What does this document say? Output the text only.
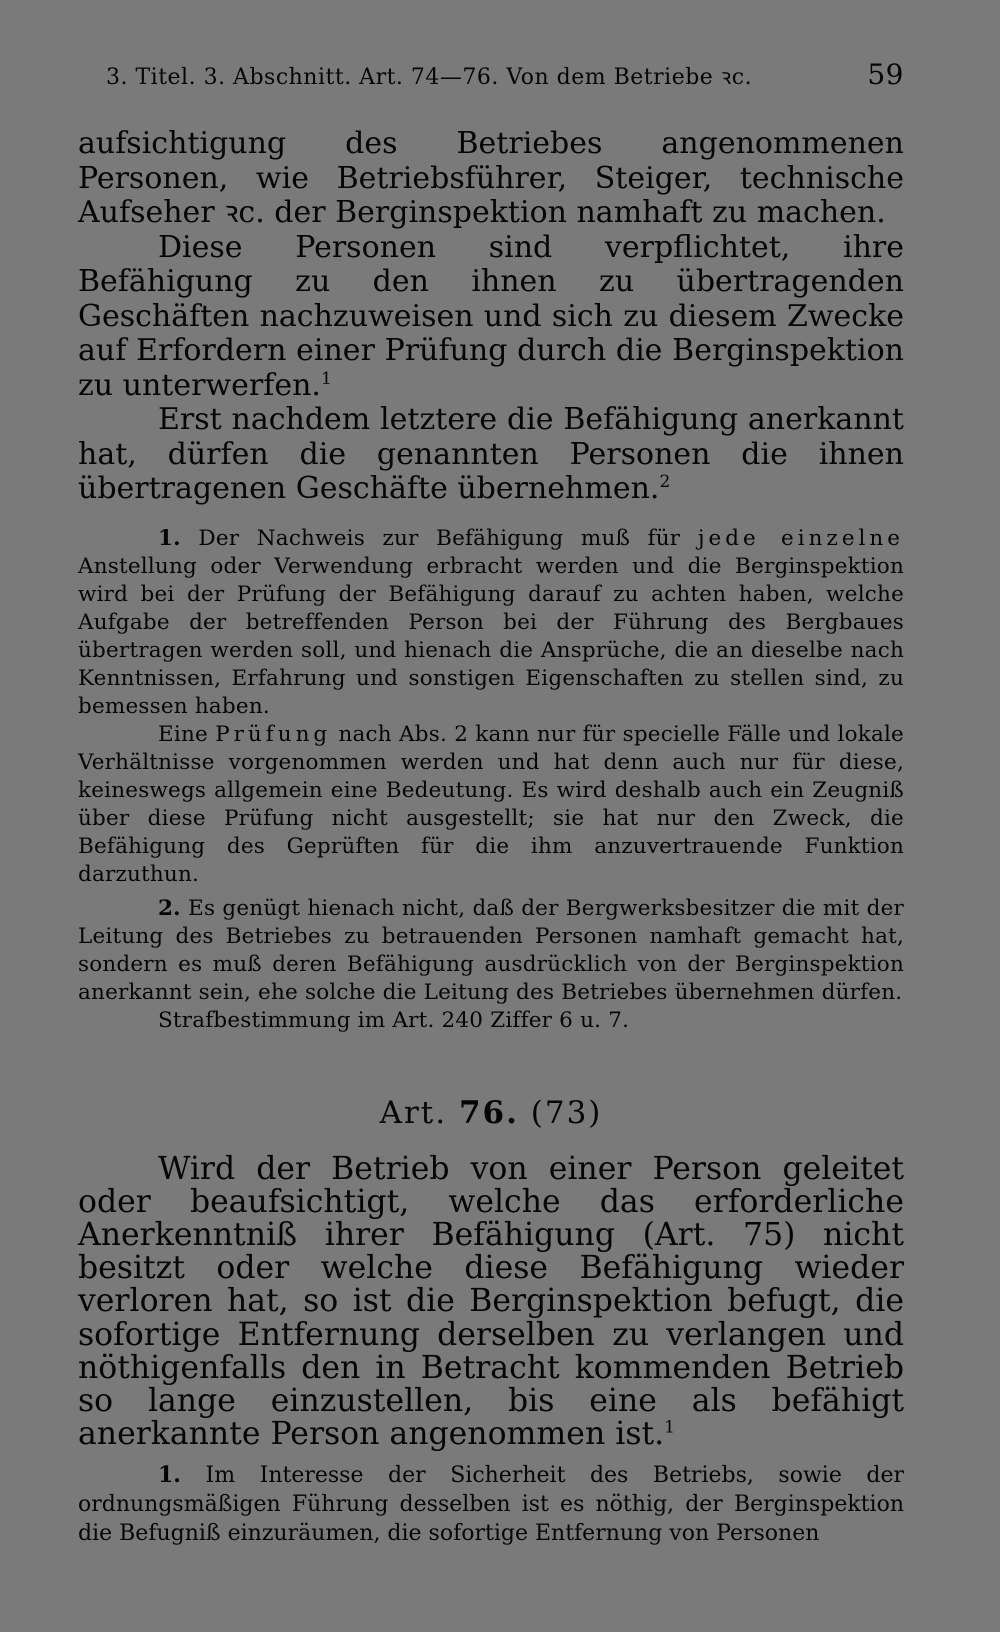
3. Titel. 3. Abschnitt. Art. 74—76. Von dem Betriebe ꝛc.	59

aufsichtigung des Betriebes angenommenen Personen, wie Betriebsführer, Steiger, technische Aufseher ꝛc. der Berginspektion namhaft zu machen.

Diese Personen sind verpflichtet, ihre Befähigung zu den ihnen zu übertragenden Geschäften nachzuweisen und sich zu diesem Zwecke auf Erfordern einer Prüfung durch die Berginspektion zu unterwerfen.$^1$

Erst nachdem letztere die Befähigung anerkannt hat, dürfen die genannten Personen die ihnen übertragenen Geschäfte übernehmen.$^2$

1. Der Nachweis zur Befähigung muß für jede einzelne Anstellung oder Verwendung erbracht werden und die Berginspektion wird bei der Prüfung der Befähigung darauf zu achten haben, welche Aufgabe der betreffenden Person bei der Führung des Bergbaues übertragen werden soll, und hienach die Ansprüche, die an dieselbe nach Kenntnissen, Erfahrung und sonstigen Eigenschaften zu stellen sind, zu bemessen haben.

Eine Prüfung nach Abs. 2 kann nur für specielle Fälle und lokale Verhältnisse vorgenommen werden und hat denn auch nur für diese, keineswegs allgemein eine Bedeutung. Es wird deshalb auch ein Zeugniß über diese Prüfung nicht ausgestellt; sie hat nur den Zweck, die Befähigung des Geprüften für die ihm anzuvertrauende Funktion darzuthun.

2. Es genügt hienach nicht, daß der Bergwerksbesitzer die mit der Leitung des Betriebes zu betrauenden Personen namhaft gemacht hat, sondern es muß deren Befähigung ausdrücklich von der Berginspektion anerkannt sein, ehe solche die Leitung des Betriebes übernehmen dürfen.

Strafbestimmung im Art. 240 Ziffer 6 u. 7.

Art. 76. (73)

Wird der Betrieb von einer Person geleitet oder beaufsichtigt, welche das erforderliche Anerkenntniß ihrer Befähigung (Art. 75) nicht besitzt oder welche diese Befähigung wieder verloren hat, so ist die Berginspektion befugt, die sofortige Entfernung derselben zu verlangen und nöthigenfalls den in Betracht kommenden Betrieb so lange einzustellen, bis eine als befähigt anerkannte Person angenommen ist.$^1$

1. Im Interesse der Sicherheit des Betriebs, sowie der ordnungsmäßigen Führung desselben ist es nöthig, der Berginspektion die Befugniß einzuräumen, die sofortige Entfernung von Personen
